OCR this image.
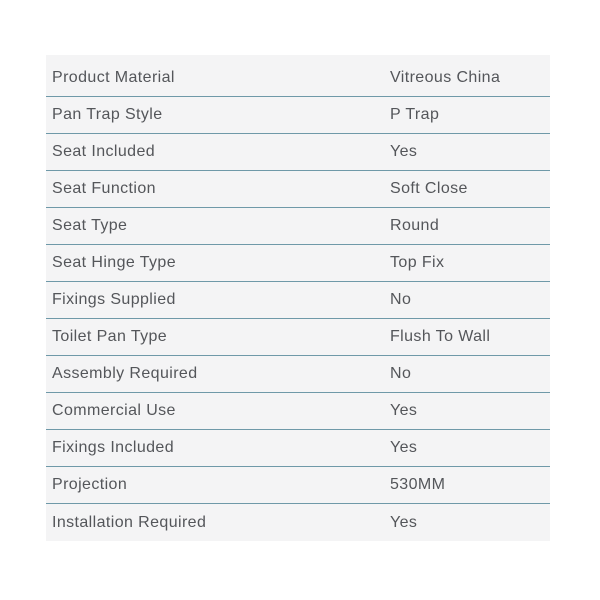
Product Material	Vitreous China
Pan Trap Style	P Trap
Seat Included	Yes
Seat Function	Soft Close
Seat Type	Round
Seat Hinge Type	Top Fix
Fixings Supplied	No
Toilet Pan Type	Flush To Wall
Assembly Required	No
Commercial Use	Yes
Fixings Included	Yes
Projection	530MM
Installation Required	Yes
